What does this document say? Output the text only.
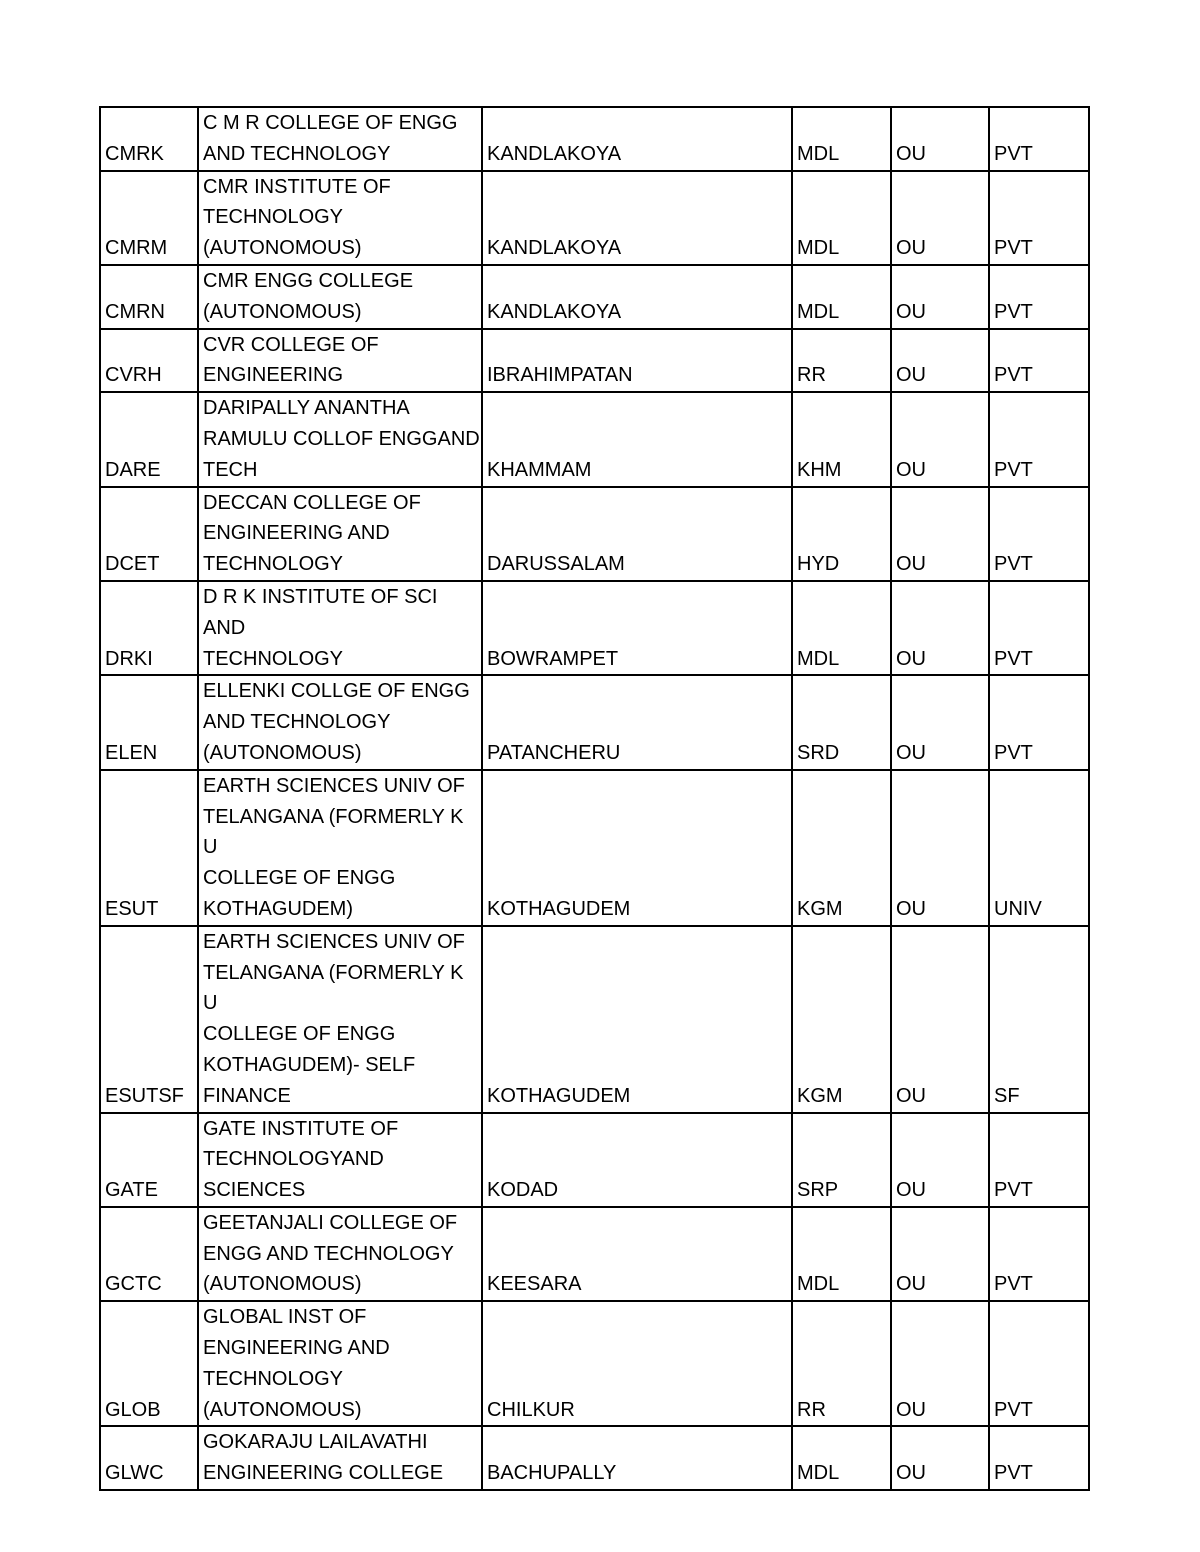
CMRK	C M R COLLEGE OF ENGG
AND TECHNOLOGY	KANDLAKOYA	MDL	OU	PVT
CMRM	CMR INSTITUTE OF
TECHNOLOGY
(AUTONOMOUS)	KANDLAKOYA	MDL	OU	PVT
CMRN	CMR ENGG COLLEGE
(AUTONOMOUS)	KANDLAKOYA	MDL	OU	PVT
CVRH	CVR COLLEGE OF
ENGINEERING	IBRAHIMPATAN	RR	OU	PVT
DARE	DARIPALLY ANANTHA
RAMULU COLLOF ENGGAND
TECH	KHAMMAM	KHM	OU	PVT
DCET	DECCAN COLLEGE OF
ENGINEERING AND
TECHNOLOGY	DARUSSALAM	HYD	OU	PVT
DRKI	D R K INSTITUTE OF SCI AND
TECHNOLOGY	BOWRAMPET	MDL	OU	PVT
ELEN	ELLENKI COLLGE OF ENGG
AND TECHNOLOGY
(AUTONOMOUS)	PATANCHERU	SRD	OU	PVT
ESUT	EARTH SCIENCES UNIV OF
TELANGANA (FORMERLY K U
COLLEGE OF ENGG
KOTHAGUDEM)	KOTHAGUDEM	KGM	OU	UNIV
ESUTSF	EARTH SCIENCES UNIV OF
TELANGANA (FORMERLY K U
COLLEGE OF ENGG
KOTHAGUDEM)- SELF
FINANCE	KOTHAGUDEM	KGM	OU	SF
GATE	GATE INSTITUTE OF
TECHNOLOGYAND SCIENCES	KODAD	SRP	OU	PVT
GCTC	GEETANJALI COLLEGE OF
ENGG AND TECHNOLOGY
(AUTONOMOUS)	KEESARA	MDL	OU	PVT
GLOB	GLOBAL INST OF
ENGINEERING AND
TECHNOLOGY
(AUTONOMOUS)	CHILKUR	RR	OU	PVT
GLWC	GOKARAJU LAILAVATHI
ENGINEERING COLLEGE	BACHUPALLY	MDL	OU	PVT
